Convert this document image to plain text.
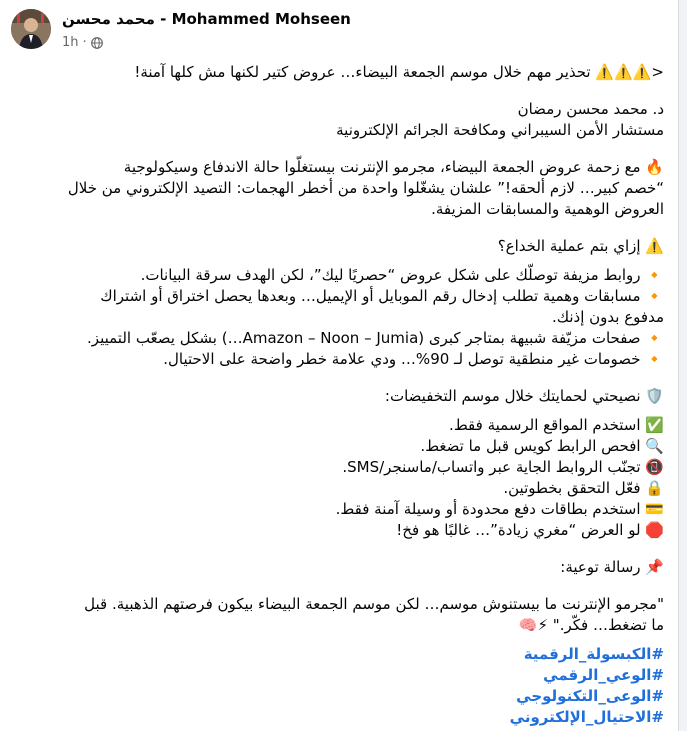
محمد محسن - Mohammed Mohseen
1h ·
⚠️⚠️⚠️> تحذير مهم خلال موسم الجمعة البيضاء… عروض كتير لكنها مش كلها آمنة!
د. محمد محسن رمضان
مستشار الأمن السيبراني ومكافحة الجرائم الإلكترونية
🔥 مع زحمة عروض الجمعة البيضاء، مجرمو الإنترنت بيستغلّوا حالة الاندفاع وسيكولوجية
“خصم كبير… لازم ألحقه!” علشان يشغّلوا واحدة من أخطر الهجمات: التصيد الإلكتروني من خلال
العروض الوهمية والمسابقات المزيفة.
⚠️ إزاي بتم عملية الخداع؟
🔸 روابط مزيفة توصلّك على شكل عروض “حصريًا ليك”، لكن الهدف سرقة البيانات.
🔸 مسابقات وهمية تطلب إدخال رقم الموبايل أو الإيميل… وبعدها يحصل اختراق أو اشتراك
مدفوع بدون إذنك.
🔸 صفحات مزيّفة شبيهة بمتاجر كبرى (Amazon – Noon – Jumia…) بشكل يصعّب التمييز.
🔸 خصومات غير منطقية توصل لـ 90%… ودي علامة خطر واضحة على الاحتيال.
🛡️ نصيحتي لحمايتك خلال موسم التخفيضات:
✅ استخدم المواقع الرسمية فقط.
🔍 افحص الرابط كويس قبل ما تضغط.
📵 تجنّب الروابط الجاية عبر واتساب/ماسنجر/SMS.
🔒 فعّل التحقق بخطوتين.
💳 استخدم بطاقات دفع محدودة أو وسيلة آمنة فقط.
🛑 لو العرض “مغري زيادة”… غالبًا هو فخ!
📌 رسالة توعية:
"مجرمو الإنترنت ما بيستنوش موسم… لكن موسم الجمعة البيضاء بيكون فرصتهم الذهبية. قبل
ما تضغط… فكّر." 🧠⚡
#الكبسولة_الرقمية
#الوعي_الرقمي
#الوعى_التكنولوجي
#الاحتيال_الإلكتروني
